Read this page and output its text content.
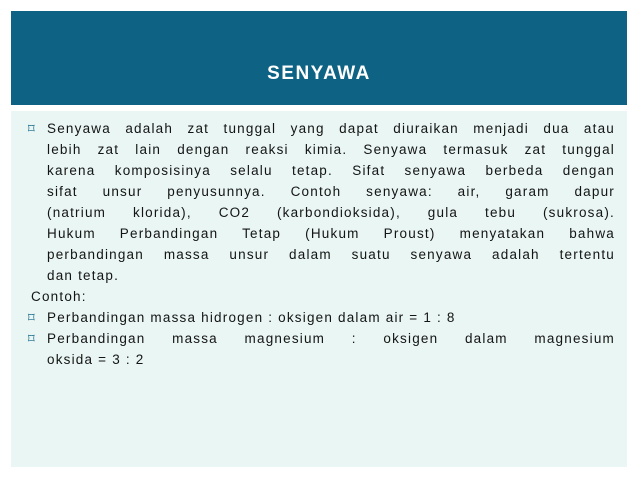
SENYAWA
⌑ Senyawa adalah zat tunggal yang dapat diuraikan menjadi dua atau
lebih zat lain dengan reaksi kimia. Senyawa termasuk zat tunggal
karena komposisinya selalu tetap. Sifat senyawa berbeda dengan
sifat unsur penyusunnya. Contoh senyawa: air, garam dapur
(natrium klorida), CO2 (karbondioksida), gula tebu (sukrosa).
Hukum Perbandingan Tetap (Hukum Proust) menyatakan bahwa
perbandingan massa unsur dalam suatu senyawa adalah tertentu
dan tetap.
Contoh:
⌑ Perbandingan massa hidrogen : oksigen dalam air = 1 : 8
⌑ Perbandingan massa magnesium : oksigen dalam magnesium
oksida = 3 : 2
